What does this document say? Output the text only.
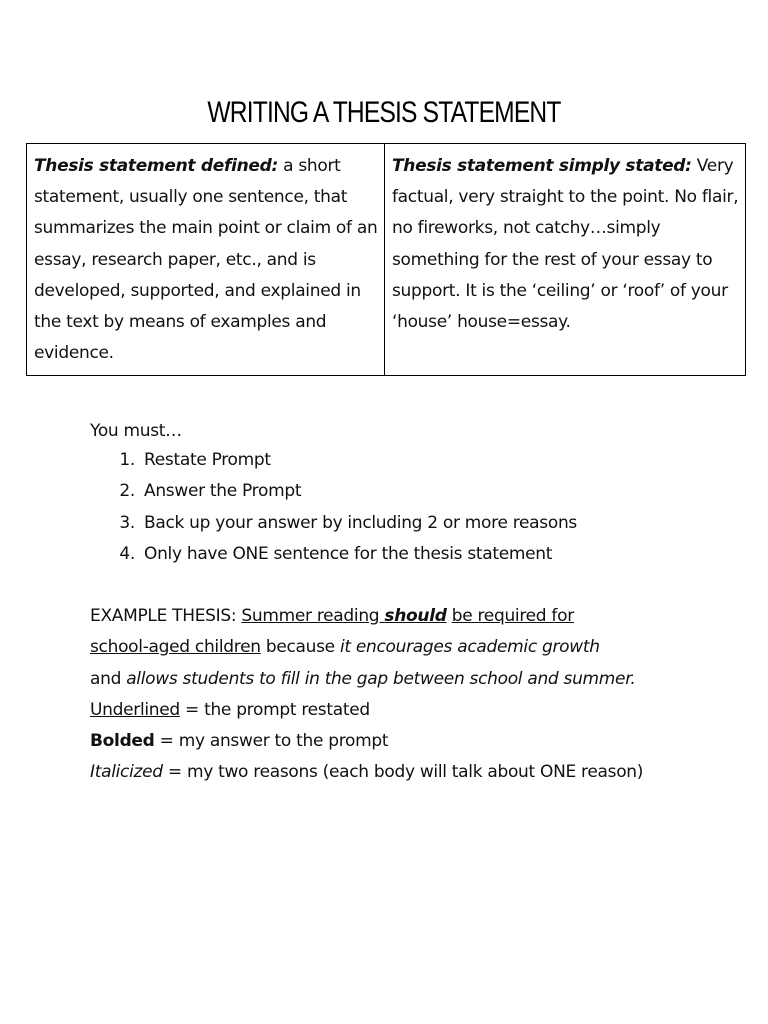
WRITING A THESIS STATEMENT
Thesis statement defined: a short statement, usually one sentence, that summarizes the main point or claim of an essay, research paper, etc., and is developed, supported, and explained in the text by means of examples and evidence.
Thesis statement simply stated: Very factual, very straight to the point. No flair, no fireworks, not catchy…simply something for the rest of your essay to support. It is the ‘ceiling’ or ‘roof’ of your ‘house’ house=essay.
You must…
1. Restate Prompt
2. Answer the Prompt
3. Back up your answer by including 2 or more reasons
4. Only have ONE sentence for the thesis statement

EXAMPLE THESIS: Summer reading should be required for

school-aged children because it encourages academic growth

and allows students to fill in the gap between school and summer.

Underlined = the prompt restated

Bolded = my answer to the prompt

Italicized = my two reasons (each body will talk about ONE reason)
